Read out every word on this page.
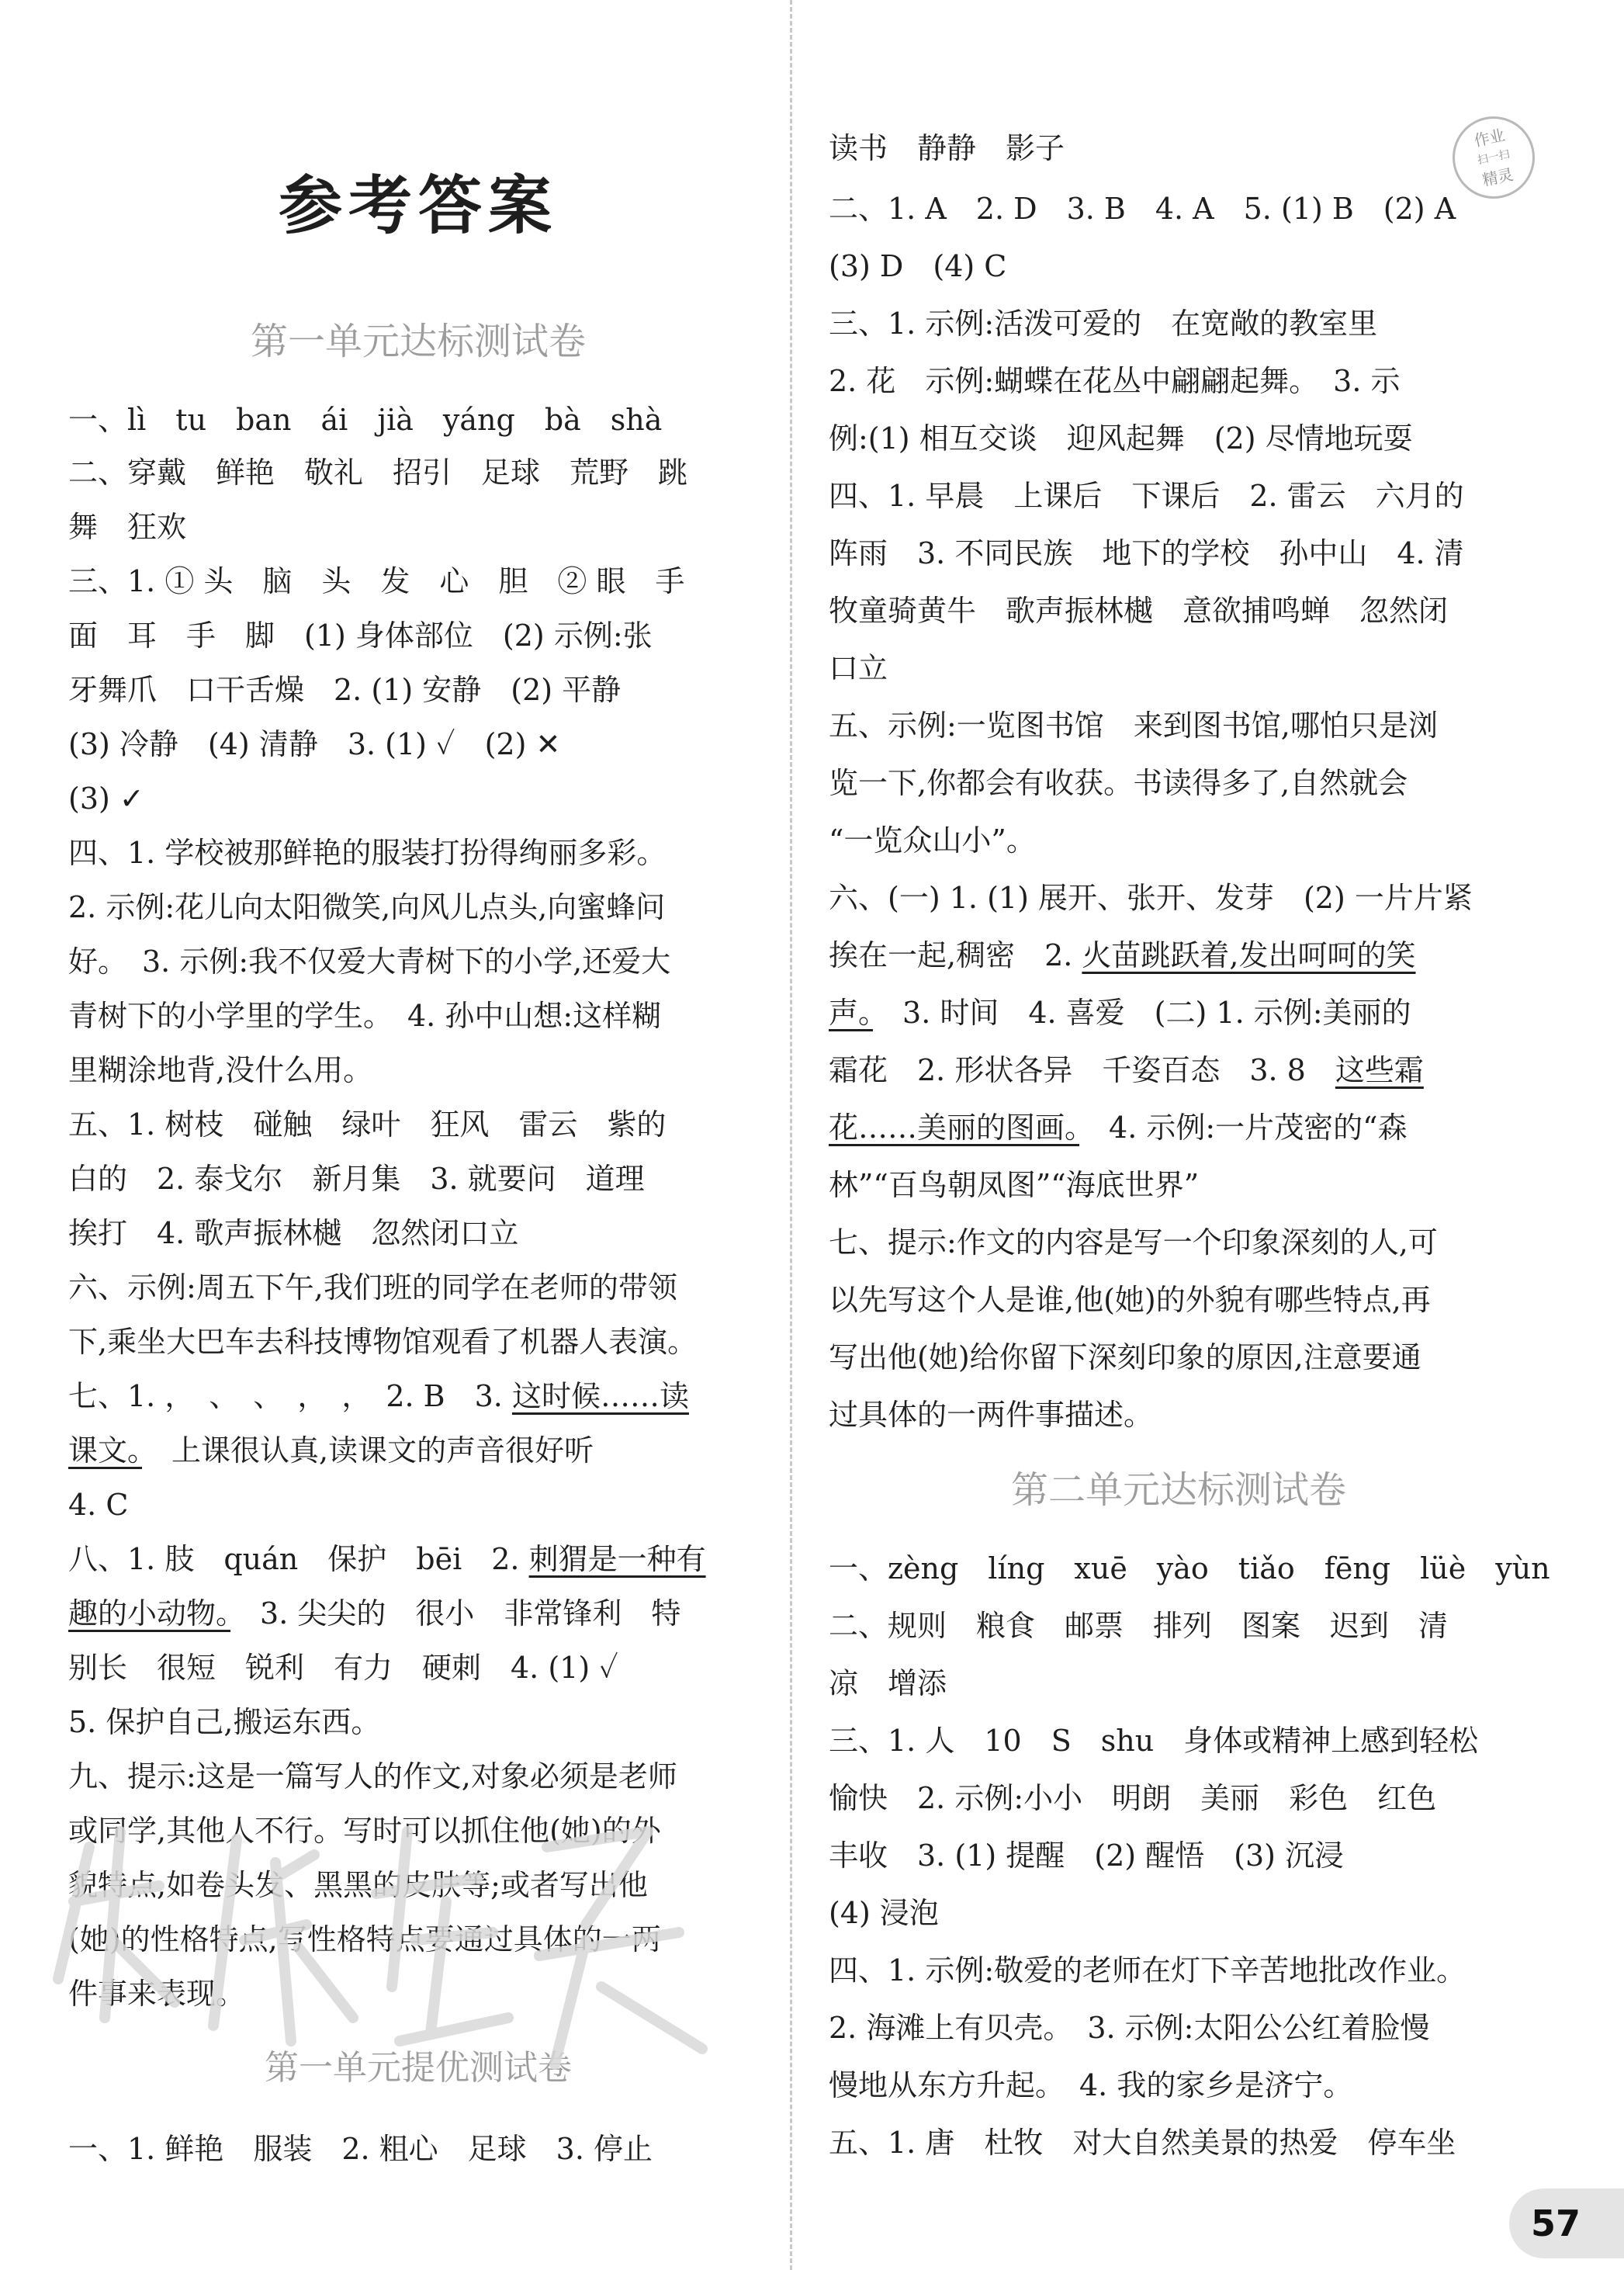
参考答案
第一单元达标测试卷
一、lì　tu　ban　ái　jià　yáng　bà　shà
二、穿戴　鲜艳　敬礼　招引　足球　荒野　跳
舞　狂欢
三、1. ① 头　脑　头　发　心　胆　② 眼　手
面　耳　手　脚　(1) 身体部位　(2) 示例:张
牙舞爪　口干舌燥　2. (1) 安静　(2) 平静
(3) 冷静　(4) 清静　3. (1) ✓　(2) ✕
(3) ✓
四、1. 学校被那鲜艳的服装打扮得绚丽多彩。
2. 示例:花儿向太阳微笑,向风儿点头,向蜜蜂问
好。　3. 示例:我不仅爱大青树下的小学,还爱大
青树下的小学里的学生。　4. 孙中山想:这样糊
里糊涂地背,没什么用。
五、1. 树枝　碰触　绿叶　狂风　雷云　紫的
白的　2. 泰戈尔　新月集　3. 就要问　道理
挨打　4. 歌声振林樾　忽然闭口立
六、示例:周五下午,我们班的同学在老师的带领
下,乘坐大巴车去科技博物馆观看了机器人表演。
七、1. ，　、　、　，　，　2. B　3. 这时候……读
课文。　上课很认真,读课文的声音很好听
4. C
八、1. 肢　quán　保护　bēi　2. 刺猬是一种有
趣的小动物。　3. 尖尖的　很小　非常锋利　特
别长　很短　锐利　有力　硬刺　4. (1) ✓
5. 保护自己,搬运东西。
九、提示:这是一篇写人的作文,对象必须是老师
或同学,其他人不行。写时可以抓住他(她)的外
貌特点,如卷头发、黑黑的皮肤等;或者写出他
(她)的性格特点,写性格特点要通过具体的一两
件事来表现。
第一单元提优测试卷
一、1. 鲜艳　服装　2. 粗心　足球　3. 停止
读书　静静　影子
二、1. A　2. D　3. B　4. A　5. (1) B　(2) A
(3) D　(4) C
三、1. 示例:活泼可爱的　在宽敞的教室里
2. 花　示例:蝴蝶在花丛中翩翩起舞。　3. 示
例:(1) 相互交谈　迎风起舞　(2) 尽情地玩耍
四、1. 早晨　上课后　下课后　2. 雷云　六月的
阵雨　3. 不同民族　地下的学校　孙中山　4. 清
牧童骑黄牛　歌声振林樾　意欲捕鸣蝉　忽然闭
口立
五、示例:一览图书馆　来到图书馆,哪怕只是浏
览一下,你都会有收获。书读得多了,自然就会
“一览众山小”。
六、(一) 1. (1) 展开、张开、发芽　(2) 一片片紧
挨在一起,稠密　2. 火苗跳跃着,发出呵呵的笑
声。　3. 时间　4. 喜爱　(二) 1. 示例:美丽的
霜花　2. 形状各异　千姿百态　3. 8　这些霜
花……美丽的图画。　4. 示例:一片茂密的“森
林”“百鸟朝凤图”“海底世界”
七、提示:作文的内容是写一个印象深刻的人,可
以先写这个人是谁,他(她)的外貌有哪些特点,再
写出他(她)给你留下深刻印象的原因,注意要通
过具体的一两件事描述。
第二单元达标测试卷
一、zèng　líng　xuē　yào　tiǎo　fēng　lüè　yùn
二、规则　粮食　邮票　排列　图案　迟到　清
凉　增添
三、1. 人　10　S　shu　身体或精神上感到轻松
愉快　2. 示例:小小　明朗　美丽　彩色　红色
丰收　3. (1) 提醒　(2) 醒悟　(3) 沉浸
(4) 浸泡
四、1. 示例:敬爱的老师在灯下辛苦地批改作业。
2. 海滩上有贝壳。　3. 示例:太阳公公红着脸慢
慢地从东方升起。　4. 我的家乡是济宁。
五、1. 唐　杜牧　对大自然美景的热爱　停车坐
作业
扫一扫
精灵
57
